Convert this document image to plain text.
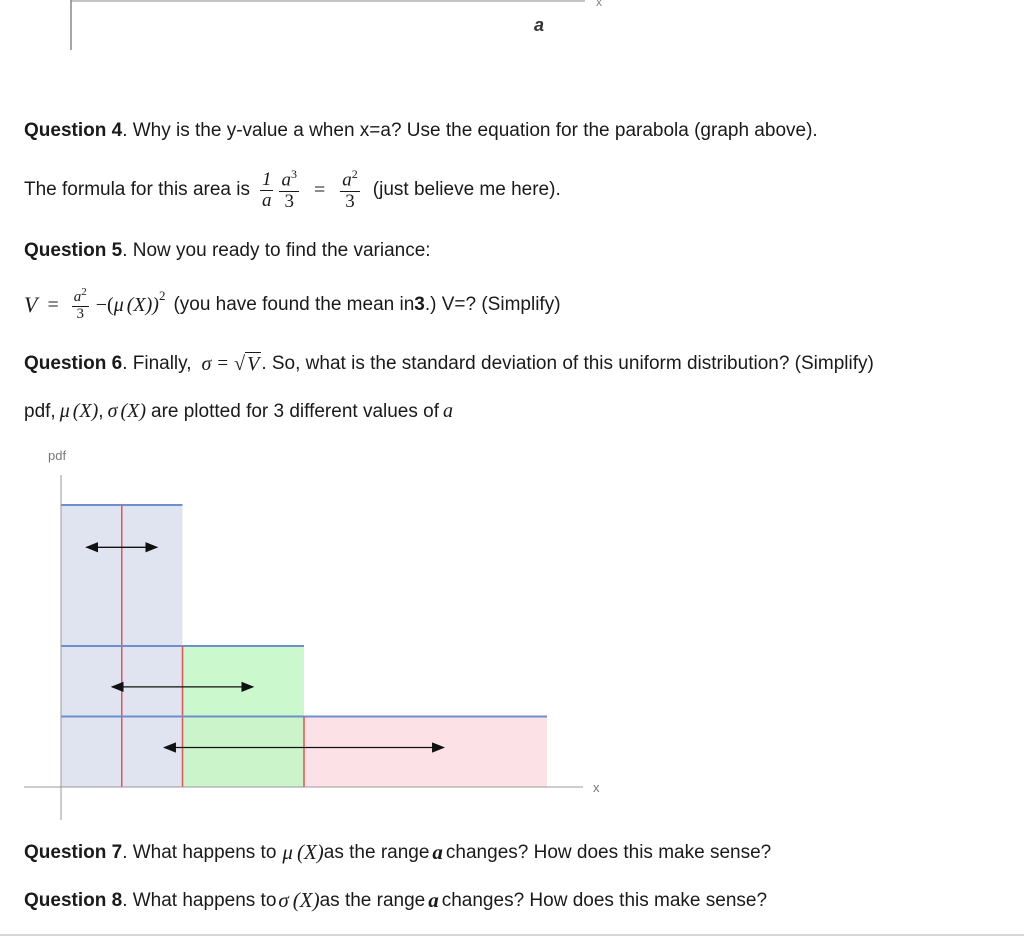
x
a
Question 4. Why is the y-value a when x=a? Use the equation for the parabola (graph above).
The formula for this area is $\frac{1}{a} \frac{a^3}{3} = \frac{a^2}{3}$ (just believe me here).
Question 5. Now you ready to find the variance:
$V = \frac{a^2}{3}$ −( μ (X))$^2$ (you have found the mean in 3 .) V=? (Simplify)
Question 6 . Finally, σ = √ V . So, what is the standard deviation of this uniform distribution? (Simplify)
pdf, μ (X) , σ (X) are plotted for 3 different values of a
pdf
x
Question 7 . What happens to μ (X) as the range a changes? How does this make sense?
Question 8 . What happens to σ (X) as the range a changes? How does this make sense?
